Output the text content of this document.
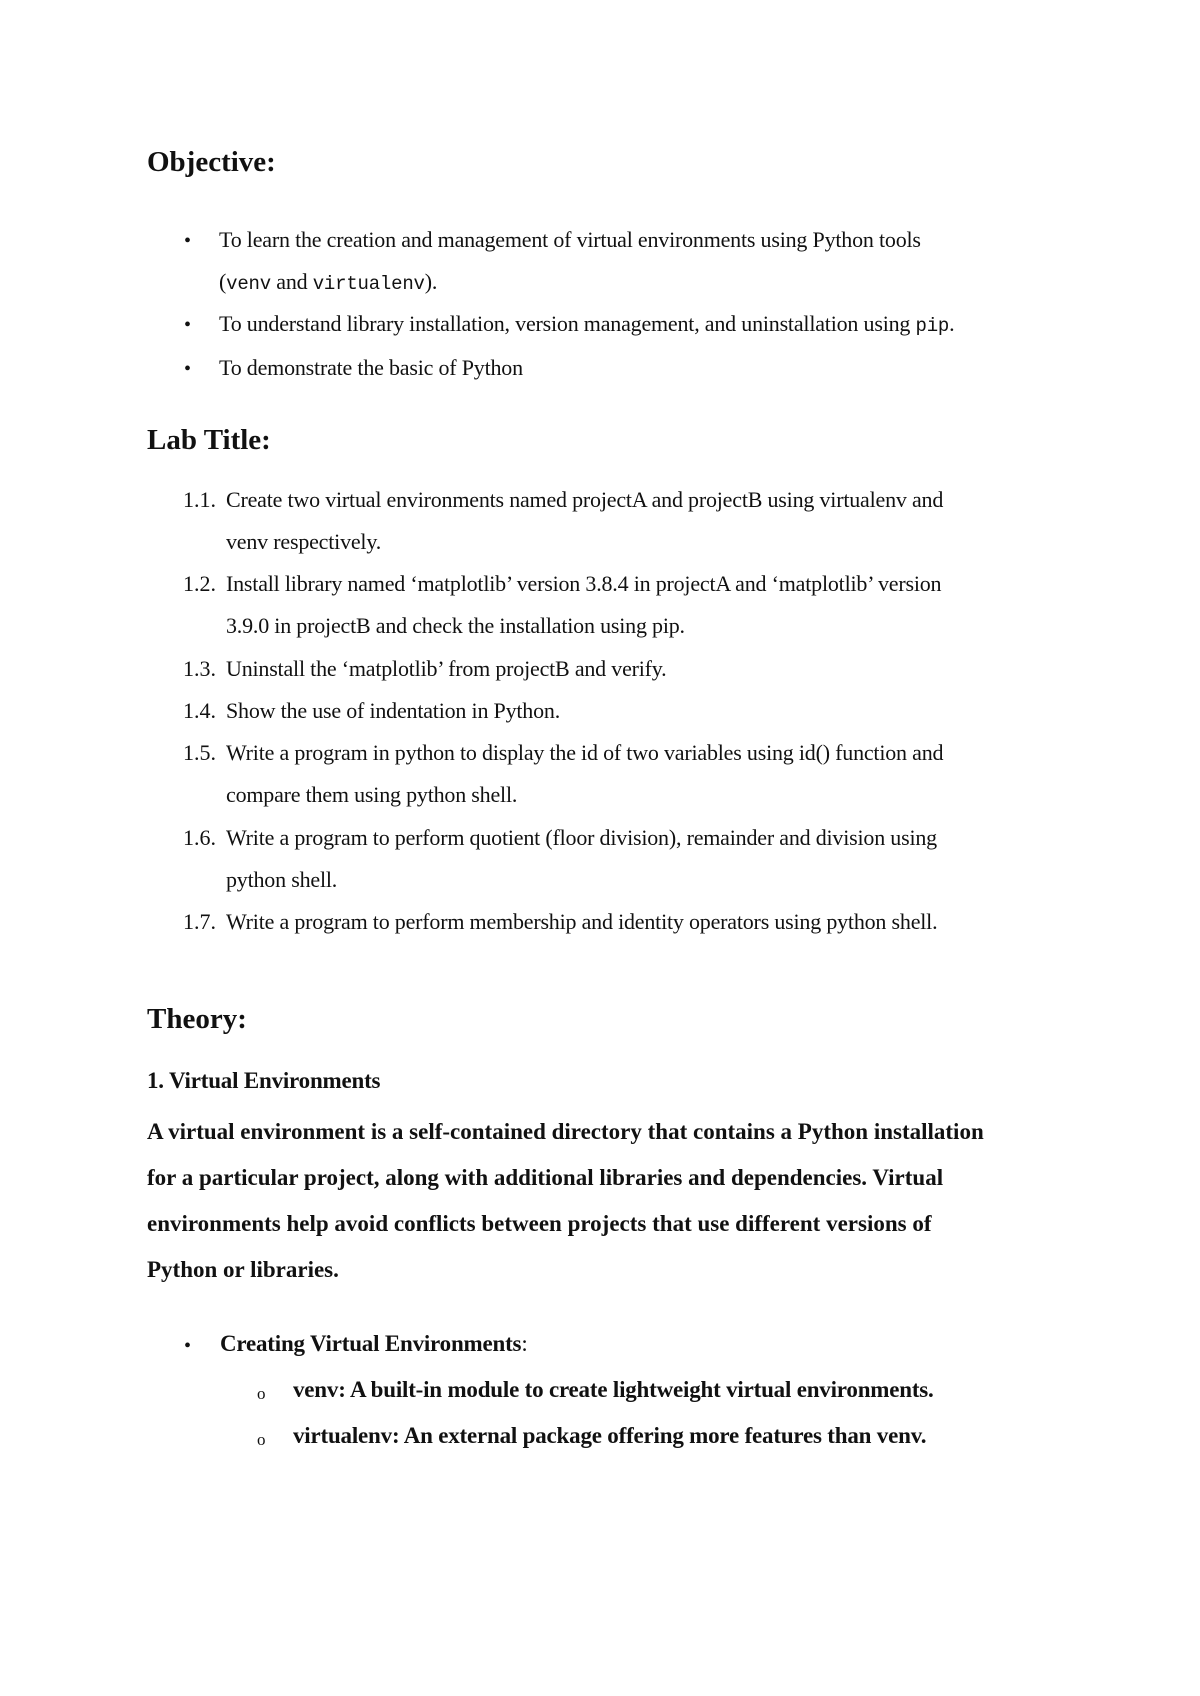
Objective:
• To learn the creation and management of virtual environments using Python tools
(venv and virtualenv).
• To understand library installation, version management, and uninstallation using pip.
• To demonstrate the basic of Python
Lab Title:
1.1. Create two virtual environments named projectA and projectB using virtualenv and
venv respectively.
1.2. Install library named ‘matplotlib’ version 3.8.4 in projectA and ‘matplotlib’ version
3.9.0 in projectB and check the installation using pip.
1.3. Uninstall the ‘matplotlib’ from projectB and verify.
1.4. Show the use of indentation in Python.
1.5. Write a program in python to display the id of two variables using id() function and
compare them using python shell.
1.6. Write a program to perform quotient (floor division), remainder and division using
python shell.
1.7. Write a program to perform membership and identity operators using python shell.
Theory:
1. Virtual Environments
A virtual environment is a self-contained directory that contains a Python installation
for a particular project, along with additional libraries and dependencies. Virtual
environments help avoid conflicts between projects that use different versions of
Python or libraries.
• Creating Virtual Environments:
o venv: A built-in module to create lightweight virtual environments.
o virtualenv: An external package offering more features than venv.
